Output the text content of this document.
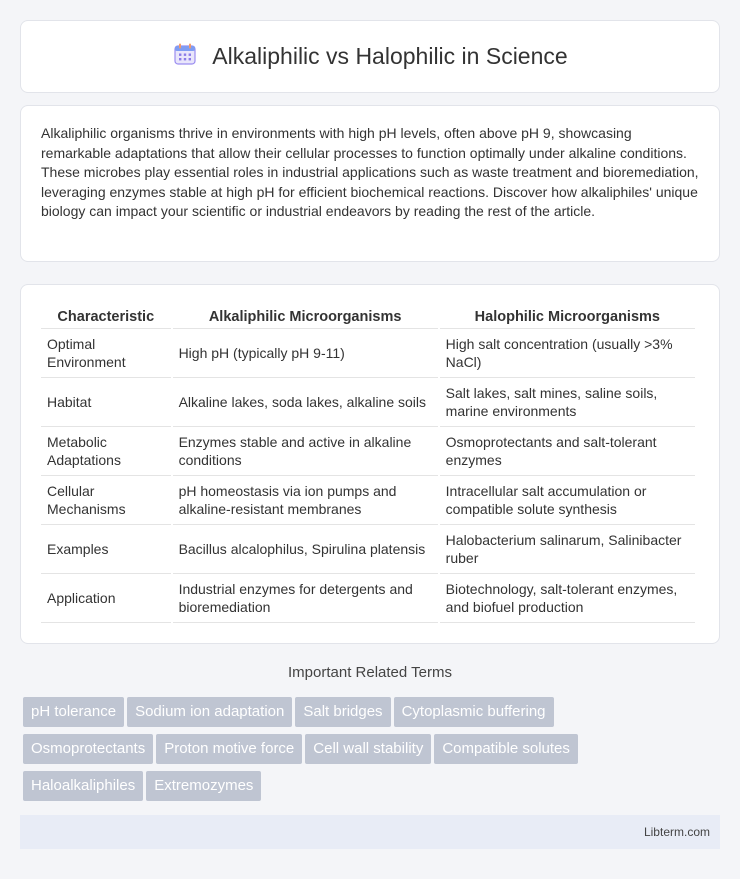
Alkaliphilic vs Halophilic in Science

Alkaliphilic organisms thrive in environments with high pH levels, often above pH 9, showcasing remarkable adaptations that allow their cellular processes to function optimally under alkaline conditions. These microbes play essential roles in industrial applications such as waste treatment and bioremediation, leveraging enzymes stable at high pH for efficient biochemical reactions. Discover how alkaliphiles' unique biology can impact your scientific or industrial endeavors by reading the rest of the article.

Characteristic	Alkaliphilic Microorganisms	Halophilic Microorganisms
Optimal Environment	High pH (typically pH 9-11)	High salt concentration (usually >3% NaCl)
Habitat	Alkaline lakes, soda lakes, alkaline soils	Salt lakes, salt mines, saline soils, marine environments
Metabolic Adaptations	Enzymes stable and active in alkaline conditions	Osmoprotectants and salt-tolerant enzymes
Cellular Mechanisms	pH homeostasis via ion pumps and alkaline-resistant membranes	Intracellular salt accumulation or compatible solute synthesis
Examples	Bacillus alcalophilus, Spirulina platensis	Halobacterium salinarum, Salinibacter ruber
Application	Industrial enzymes for detergents and bioremediation	Biotechnology, salt-tolerant enzymes, and biofuel production
Important Related Terms
pH tolerance Sodium ion adaptation Salt bridges Cytoplasmic buffering
Osmoprotectants Proton motive force Cell wall stability Compatible solutes
Haloalkaliphiles Extremozymes
Libterm.com
